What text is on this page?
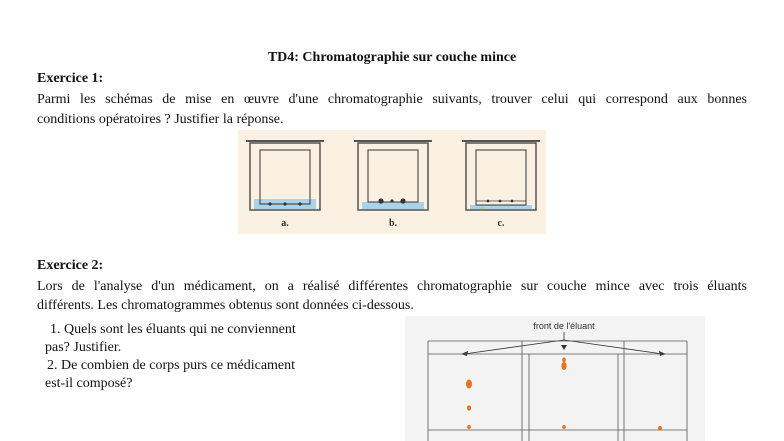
TD4: Chromatographie sur couche mince
Exercice 1:
Parmi les schémas de mise en œuvre d'une chromatographie suivants, trouver celui qui correspond aux bonnes
conditions opératoires ? Justifier la réponse.
a.	b.	c.
Exercice 2:
Lors de l'analyse d'un médicament, on a réalisé différentes chromatographie sur couche mince avec trois éluants
différents. Les chromatogrammes obtenus sont données ci-dessous.
1. Quels sont les éluants qui ne conviennent
pas? Justifier.
2. De combien de corps purs ce médicament
est-il composé?
front de l'éluant
